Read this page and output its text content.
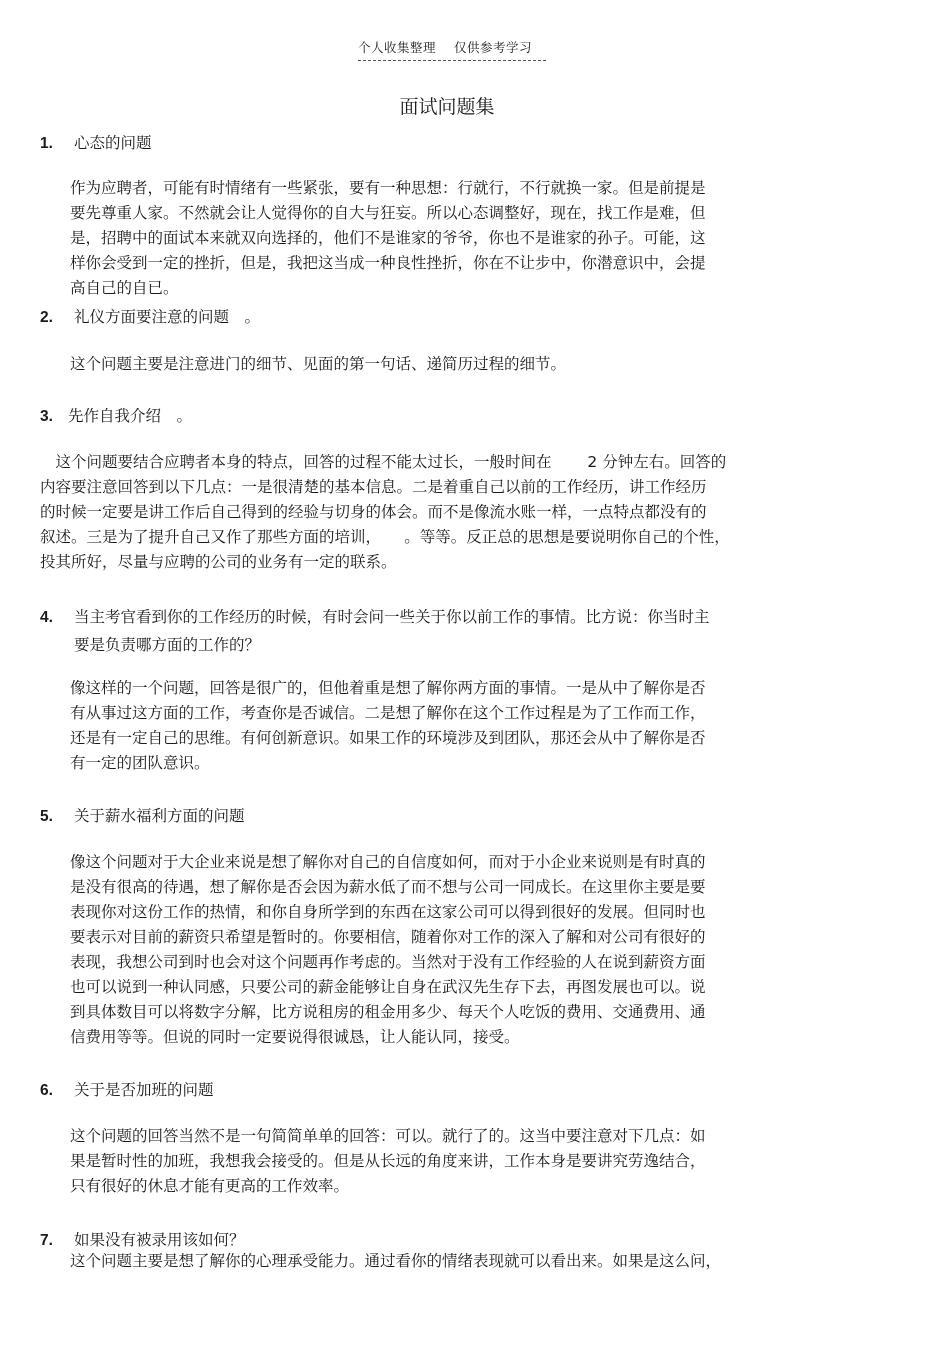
个人收集整理 仅供参考学习
面试问题集
1. 心态的问题
作为应聘者，可能有时情绪有一些紧张，要有一种思想：行就行，不行就换一家。但是前提是
要先尊重人家。不然就会让人觉得你的自大与狂妄。所以心态调整好，现在，找工作是难，但
是，招聘中的面试本来就双向选择的，他们不是谁家的爷爷，你也不是谁家的孙子。可能，这
样你会受到一定的挫折，但是，我把这当成一种良性挫折，你在不让步中，你潜意识中，会提
高自己的自已。
2. 礼仪方面要注意的问题　。
这个问题主要是注意进门的细节、见面的第一句话、递简历过程的细节。
3. 先作自我介绍　。
　这个问题要结合应聘者本身的特点，回答的过程不能太过长，一般时间在　　 2 分钟左右。回答的
内容要注意回答到以下几点：一是很清楚的基本信息。二是着重自己以前的工作经历，讲工作经历
的时候一定要是讲工作后自己得到的经验与切身的体会。而不是像流水账一样，一点特点都没有的
叙述。三是为了提升自己又作了那些方面的培训，　　。等等。反正总的思想是要说明你自己的个性，
投其所好，尽量与应聘的公司的业务有一定的联系。
4. 当主考官看到你的工作经历的时候，有时会问一些关于你以前工作的事情。比方说：你当时主
要是负责哪方面的工作的？
像这样的一个问题，回答是很广的，但他着重是想了解你两方面的事情。一是从中了解你是否
有从事过这方面的工作，考查你是否诚信。二是想了解你在这个工作过程是为了工作而工作，
还是有一定自己的思维。有何创新意识。如果工作的环境涉及到团队，那还会从中了解你是否
有一定的团队意识。
5. 关于薪水福利方面的问题
像这个问题对于大企业来说是想了解你对自己的自信度如何，而对于小企业来说则是有时真的
是没有很高的待遇，想了解你是否会因为薪水低了而不想与公司一同成长。在这里你主要是要
表现你对这份工作的热情，和你自身所学到的东西在这家公司可以得到很好的发展。但同时也
要表示对目前的薪资只希望是暂时的。你要相信，随着你对工作的深入了解和对公司有很好的
表现，我想公司到时也会对这个问题再作考虑的。当然对于没有工作经验的人在说到薪资方面
也可以说到一种认同感，只要公司的薪金能够让自身在武汉先生存下去，再图发展也可以。说
到具体数目可以将数字分解，比方说租房的租金用多少、每天个人吃饭的费用、交通费用、通
信费用等等。但说的同时一定要说得很诚恳，让人能认同，接受。
6. 关于是否加班的问题
这个问题的回答当然不是一句简简单单的回答：可以。就行了的。这当中要注意对下几点：如
果是暂时性的加班，我想我会接受的。但是从长远的角度来讲，工作本身是要讲究劳逸结合，
只有很好的休息才能有更高的工作效率。
7. 如果没有被录用该如何？
这个问题主要是想了解你的心理承受能力。通过看你的情绪表现就可以看出来。如果是这么问，
